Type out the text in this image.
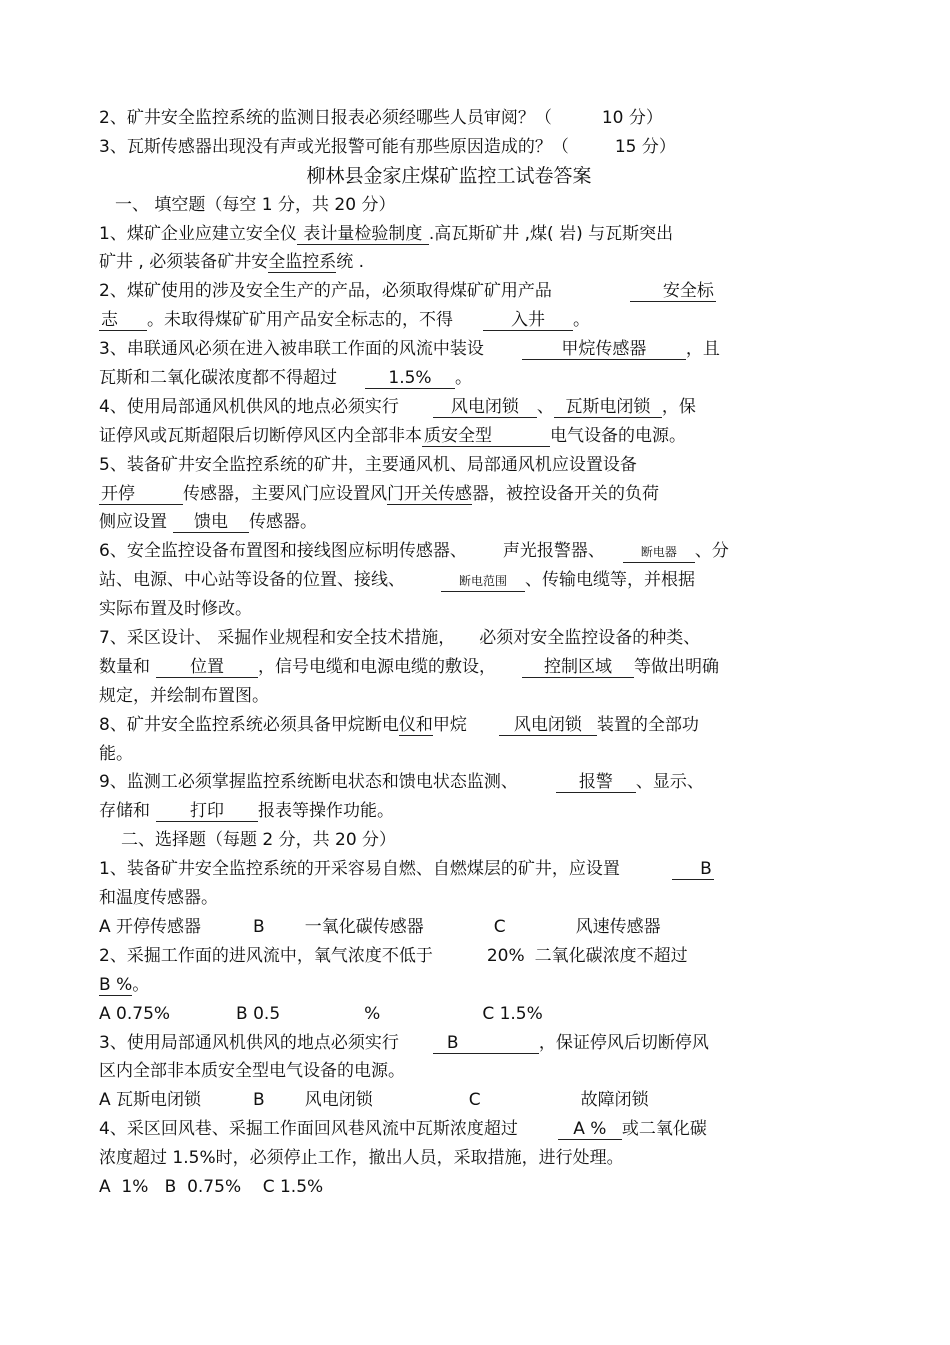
2、矿井安全监控系统的监测日报表必须经哪些人员审阅？（	10 分）
3、瓦斯传感器出现没有声或光报警可能有那些原因造成的？（	15 分）
柳林县金家庄煤矿监控工试卷答案
一、 填空题（每空 1 分，共 20 分）
1、煤矿企业应建立安全仪 表计量检验制度 .高瓦斯矿井 ,煤( 岩) 与瓦斯突出
矿井 , 必须装备矿井安全监控系统 .
2、煤矿使用的涉及安全生产的产品，必须取得煤矿矿用产品	安全标
志 。未取得煤矿矿用产品安全标志的，不得	入井 。
3、串联通风必须在进入被串联工作面的风流中装设	甲烷传感器 ，且
瓦斯和二氧化碳浓度都不得超过	1.5% 。
4、使用局部通风机供风的地点必须实行	风电闭锁 、 瓦斯电闭锁 ，保
证停风或瓦斯超限后切断停风区内全部非本 质安全型	电气设备的电源。
5、装备矿井安全监控系统的矿井，主要通风机、局部通风机应设置设备
开停	传感器，主要风门应设置风门开关传感器，被控设备开关的负荷
侧应设置 馈电 传感器。
6、安全监控设备布置图和接线图应标明传感器、 声光报警器、	断电器 、分
站、电源、中心站等设备的位置、接线、	断电范围 、传输电缆等，并根据
实际布置及时修改。
7、采区设计、 采掘作业规程和安全技术措施， 必须对安全监控设备的种类、
数量和 位置 ，信号电缆和电源电缆的敷设，	控制区域 等做出明确
规定，并绘制布置图。
8、矿井安全监控系统必须具备甲烷断电仪和甲烷	风电闭锁 装置的全部功
能。
9、监测工必须掌握监控系统断电状态和馈电状态监测、	报警 、显示、
存储和 打印 报表等操作功能。
二、选择题（每题 2 分，共 20 分）
1、装备矿井安全监控系统的开采容易自燃、自燃煤层的矿井，应设置	B
和温度传感器。
A 开停传感器	B 一氧化碳传感器	C	风速传感器
2、采掘工作面的进风流中，氧气浓度不低于	20% 二氧化碳浓度不超过
B %。
A 0.75%	B 0.5	%	C 1.5%
3、使用局部通风机供风的地点必须实行	B	，保证停风后切断停风
区内全部非本质安全型电气设备的电源。
A 瓦斯电闭锁	B 风电闭锁	C	故障闭锁
4、采区回风巷、采掘工作面回风巷风流中瓦斯浓度超过	A % 或二氧化碳
浓度超过 1.5%时，必须停止工作，撤出人员，采取措施，进行处理。
A  1%   B  0.75%    C 1.5%
